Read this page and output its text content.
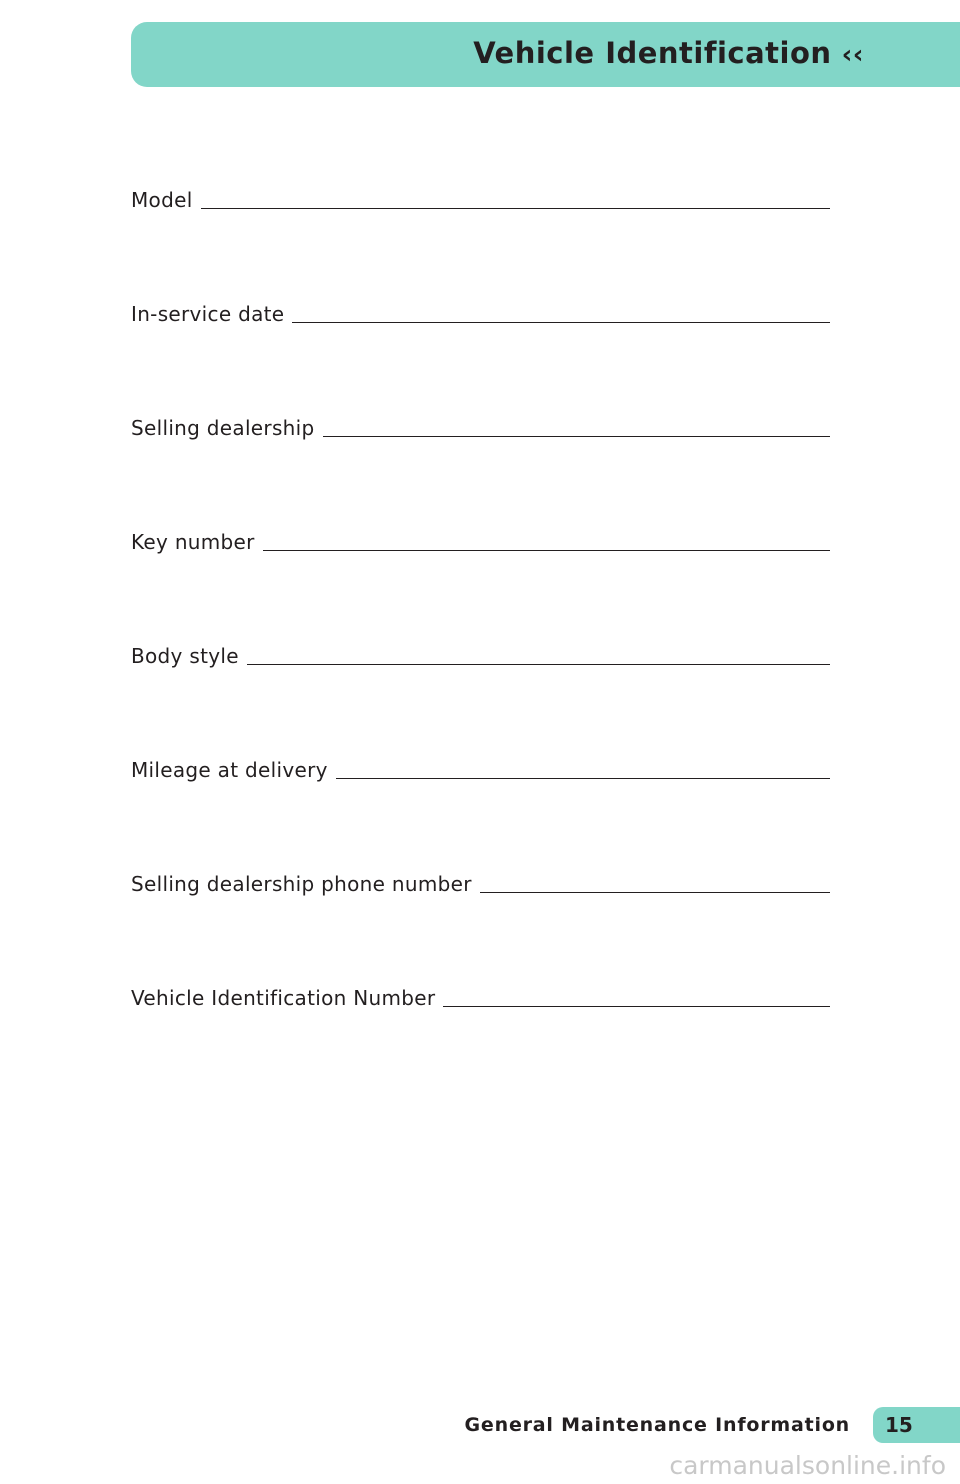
Vehicle Identification ‹‹
Model
In-service date
Selling dealership
Key number
Body style
Mileage at delivery
Selling dealership phone number
Vehicle Identification Number
General Maintenance Information 15
carmanualsonline.info
